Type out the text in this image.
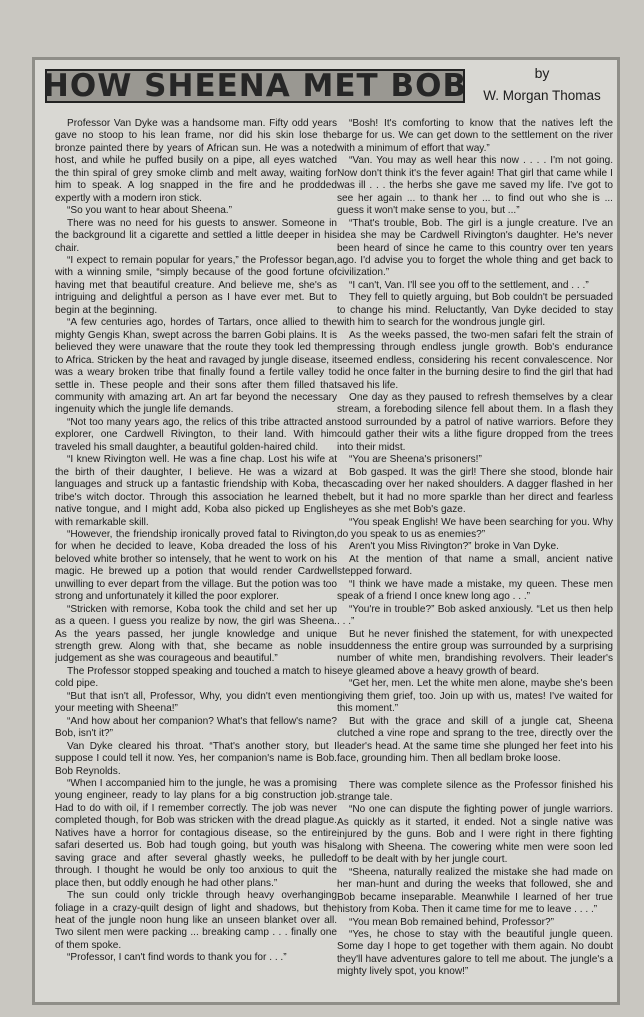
HOW SHEENA MET BOB	by
W. Morgan Thomas

Professor Van Dyke was a handsome man. Fifty odd years gave no stoop to his lean frame, nor did his skin lose the bronze painted there by years of African sun. He was a noted host, and while he puffed busily on a pipe, all eyes watched the thin spiral of grey smoke climb and melt away, waiting for him to speak. A log snapped in the fire and he prodded expertly with a modern iron stick.

“So you want to hear about Sheena.”

There was no need for his guests to answer. Someone in the background lit a cigarette and settled a little deeper in his chair.

“I expect to remain popular for years,” the Professor began, with a winning smile, “simply because of the good fortune of having met that beautiful creature. And believe me, she's as intriguing and delightful a person as I have ever met. But to begin at the beginning.

“A few centuries ago, hordes of Tartars, once allied to the mighty Gengis Khan, swept across the barren Gobi plains. It is believed they were unaware that the route they took led them to Africa. Stricken by the heat and ravaged by jungle disease, it was a weary broken tribe that finally found a fertile valley to settle in. These people and their sons after them filled that community with amazing art. An art far beyond the necessary ingenuity which the jungle life demands.

“Not too many years ago, the relics of this tribe attracted an explorer, one Cardwell Rivington, to their land. With him traveled his small daughter, a beautiful golden-haired child.

“I knew Rivington well. He was a fine chap. Lost his wife at the birth of their daughter, I believe. He was a wizard at languages and struck up a fantastic friendship with Koba, the tribe's witch doctor. Through this association he learned the native tongue, and I might add, Koba also picked up English with remarkable skill.

“However, the friendship ironically proved fatal to Rivington, for when he decided to leave, Koba dreaded the loss of his beloved white brother so intensely, that he went to work on his magic. He brewed up a potion that would render Cardwell unwilling to ever depart from the village. But the potion was too strong and unfortunately it killed the poor explorer.

“Stricken with remorse, Koba took the child and set her up as a queen. I guess you realize by now, the girl was Sheena. As the years passed, her jungle knowledge and unique strength grew. Along with that, she became as noble in judgement as she was courageous and beautiful.”

The Professor stopped speaking and touched a match to his cold pipe.

“But that isn't all, Professor, Why, you didn't even mention your meeting with Sheena!”

“And how about her companion? What's that fellow's name? Bob, isn't it?”

Van Dyke cleared his throat. “That's another story, but I suppose I could tell it now. Yes, her companion's name is Bob. Bob Reynolds.

“When I accompanied him to the jungle, he was a promising young engineer, ready to lay plans for a big construction job. Had to do with oil, if I remember correctly. The job was never completed though, for Bob was stricken with the dread plague. Natives have a horror for contagious disease, so the entire safari deserted us. Bob had tough going, but youth was his saving grace and after several ghastly weeks, he pulled through. I thought he would be only too anxious to quit the place then, but oddly enough he had other plans.”

The sun could only trickle through heavy overhanging foliage in a crazy-quilt design of light and shadows, but the heat of the jungle noon hung like an unseen blanket over all. Two silent men were packing ... breaking camp . . . finally one of them spoke.

“Professor, I can't find words to thank you for . . .”

“Bosh! It's comforting to know that the natives left the barge for us. We can get down to the settlement on the river with a minimum of effort that way.”

“Van. You may as well hear this now . . . . I'm not going. Now don't think it's the fever again! That girl that came while I was ill . . . the herbs she gave me saved my life. I've got to see her again ... to thank her ... to find out who she is ... guess it won't make sense to you, but ...”

“That's trouble, Bob. The girl is a jungle creature. I've an idea she may be Cardwell Rivington's daughter. He's never been heard of since he came to this country over ten years ago. I'd advise you to forget the whole thing and get back to civilization.”

“I can't, Van. I'll see you off to the settlement, and . . .”

They fell to quietly arguing, but Bob couldn't be persuaded to change his mind. Reluctantly, Van Dyke decided to stay with him to search for the wondrous jungle girl.

As the weeks passed, the two-men safari felt the strain of pressing through endless jungle growth. Bob's endurance seemed endless, considering his recent convalescence. Nor did he once falter in the burning desire to find the girl that had saved his life.

One day as they paused to refresh themselves by a clear stream, a foreboding silence fell about them. In a flash they stood surrounded by a patrol of native warriors. Before they could gather their wits a lithe figure dropped from the trees into their midst.

“You are Sheena's prisoners!”

Bob gasped. It was the girl! There she stood, blonde hair cascading over her naked shoulders. A dagger flashed in her belt, but it had no more sparkle than her direct and fearless eyes as she met Bob's gaze.

“You speak English! We have been searching for you. Why do you speak to us as enemies?”

Aren't you Miss Rivington?” broke in Van Dyke.

At the mention of that name a small, ancient native stepped forward.

“I think we have made a mistake, my queen. These men speak of a friend I once knew long ago . . .”

“You're in trouble?” Bob asked anxiously. “Let us then help . . .”

But he never finished the statement, for with unexpected suddenness the entire group was surrounded by a surprising number of white men, brandishing revolvers. Their leader's eye gleamed above a heavy growth of beard.

“Get her, men. Let the white men alone, maybe she's been giving them grief, too. Join up with us, mates! I've waited for this moment.”

But with the grace and skill of a jungle cat, Sheena clutched a vine rope and sprang to the tree, directly over the leader's head. At the same time she plunged her feet into his face, grounding him. Then all bedlam broke loose.

There was complete silence as the Professor finished his strange tale.

“No one can dispute the fighting power of jungle warriors. As quickly as it started, it ended. Not a single native was injured by the guns. Bob and I were right in there fighting along with Sheena. The cowering white men were soon led off to be dealt with by her jungle court.

“Sheena, naturally realized the mistake she had made on her man-hunt and during the weeks that followed, she and Bob became inseparable. Meanwhile I learned of her true history from Koba. Then it came time for me to leave . . . .”

“You mean Bob remained behind, Professor?”

“Yes, he chose to stay with the beautiful jungle queen. Some day I hope to get together with them again. No doubt they'll have adventures galore to tell me about. The jungle's a mighty lively spot, you know!”
